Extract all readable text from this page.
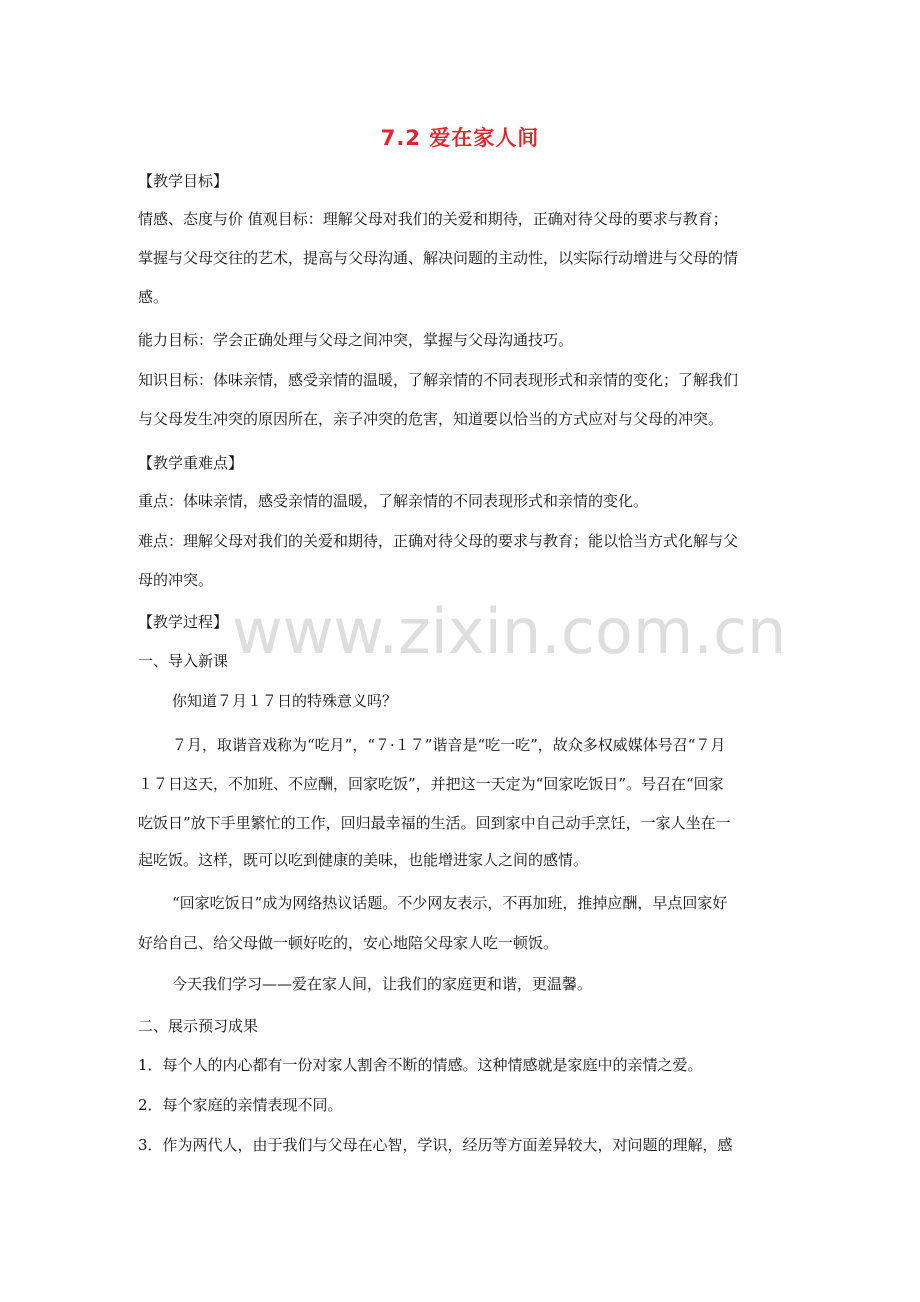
7.2 爱在家人间
【教学目标】
情感、态度与价 值观目标：理解父母对我们的关爱和期待，正确对待父母的要求与教育；
掌握与父母交往的艺术，提高与父母沟通、解决问题的主动性，以实际行动增进与父母的情
感。
能力目标：学会正确处理与父母之间冲突，掌握与父母沟通技巧。
知识目标：体味亲情，感受亲情的温暖，了解亲情的不同表现形式和亲情的变化；了解我们
与父母发生冲突的原因所在，亲子冲突的危害，知道要以恰当的方式应对与父母的冲突。
【教学重难点】
重点：体味亲情，感受亲情的温暖，了解亲情的不同表现形式和亲情的变化。
难点：理解父母对我们的关爱和期待，正确对待父母的要求与教育；能以恰当方式化解与父
母的冲突。
【教学过程】
一、导入新课
你知道７月１７日的特殊意义吗？
７月，取谐音戏称为“吃月”，“７·１７”谐音是“吃一吃”，故众多权威媒体号召“７月
１７日这天，不加班、不应酬，回家吃饭”，并把这一天定为“回家吃饭日”。号召在“回家
吃饭日”放下手里繁忙的工作，回归最幸福的生活。回到家中自己动手烹饪，一家人坐在一
起吃饭。这样，既可以吃到健康的美味，也能增进家人之间的感情。
“回家吃饭日”成为网络热议话题。不少网友表示，不再加班，推掉应酬，早点回家好
好给自己、给父母做一顿好吃的，安心地陪父母家人吃一顿饭。
今天我们学习——爱在家人间，让我们的家庭更和谐，更温馨。
二、展示预习成果
1．每个人的内心都有一份对家人割舍不断的情感。这种情感就是家庭中的亲情之爱。
2．每个家庭的亲情表现不同。
3．作为两代人，由于我们与父母在心智，学识，经历等方面差异较大，对问题的理解，感
www.zixin.com.cn
